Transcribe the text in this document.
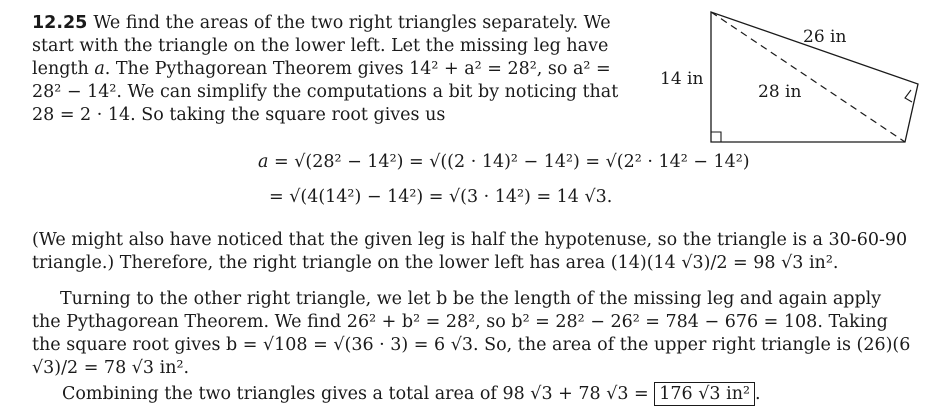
12.25 We find the areas of the two right triangles separately. We start with the triangle on the lower left. Let the missing leg have length a. The Pythagorean Theorem gives 14² + a² = 28², so a² = 28² − 14². We can simplify the computations a bit by noticing that 28 = 2 · 14. So taking the square root gives us

a = √(28² − 14²) = √((2 · 14)² − 14²) = √(2² · 14² − 14²)
= √(4(14²) − 14²) = √(3 · 14²) = 14 √3.

(We might also have noticed that the given leg is half the hypotenuse, so the triangle is a 30-60-90 triangle.) Therefore, the right triangle on the lower left has area (14)(14 √3)/2 = 98 √3 in².

Turning to the other right triangle, we let b be the length of the missing leg and again apply the Pythagorean Theorem. We find 26² + b² = 28², so b² = 28² − 26² = 784 − 676 = 108. Taking the square root gives b = √108 = √(36 · 3) = 6 √3. So, the area of the upper right triangle is (26)(6 √3)/2 = 78 √3 in².

Combining the two triangles gives a total area of 98 √3 + 78 √3 = 176 √3 in² .
14 in
28 in
26 in
